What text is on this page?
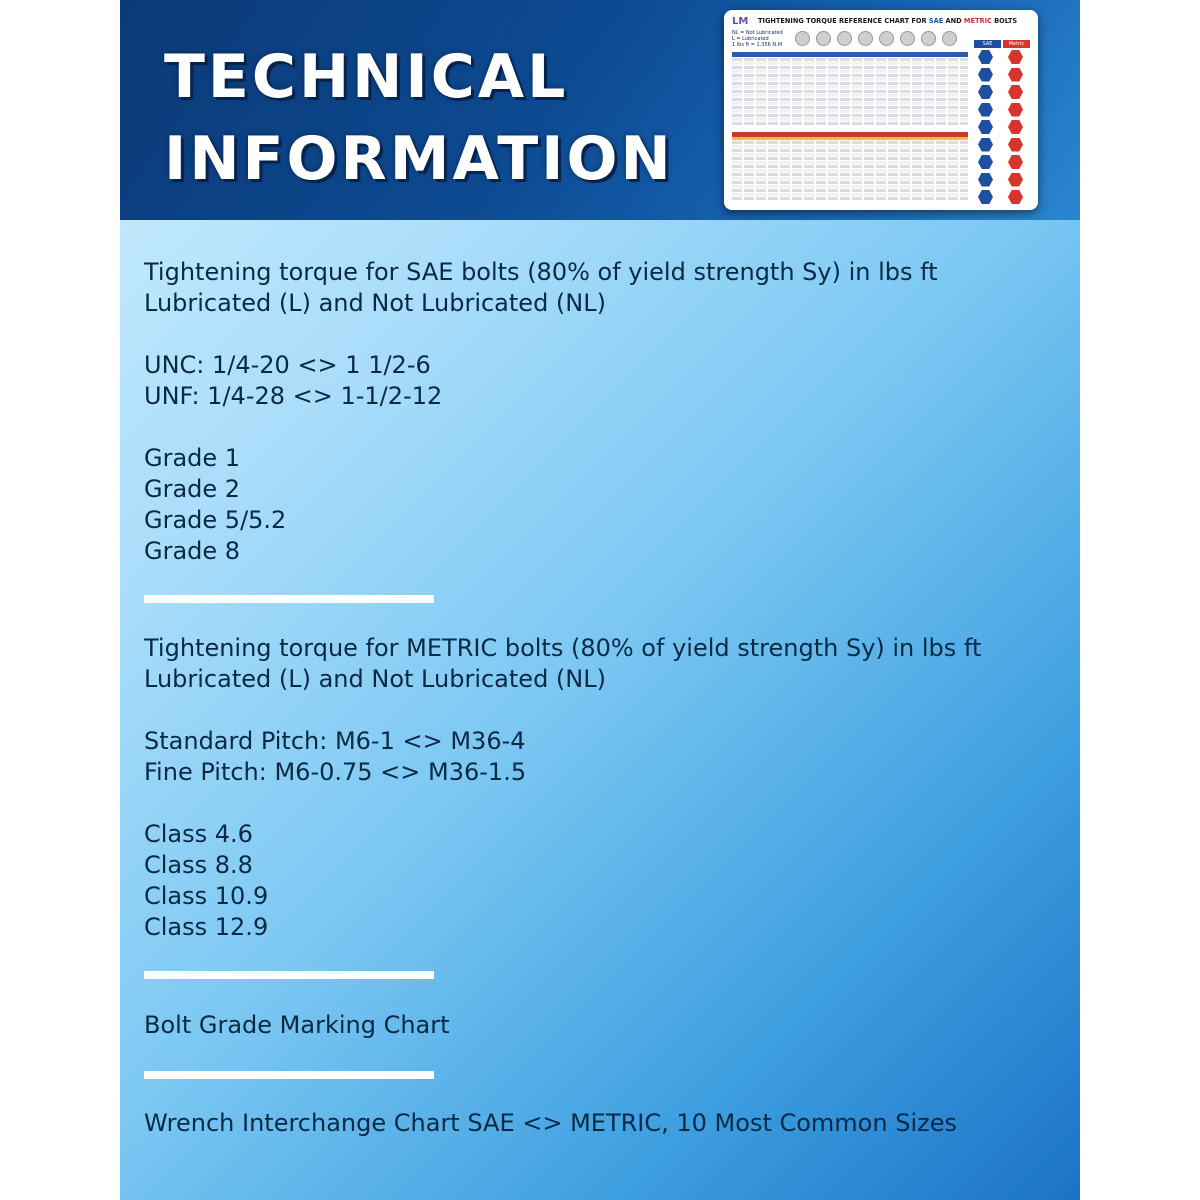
TECHNICAL
INFORMATION
LM	TIGHTENING TORQUE REFERENCE CHART FOR SAE AND METRIC BOLTS
NL = Not Lubricated
L = Lubricated
1 lbs ft = 1.356 N.M	SAE	Metric

Tightening torque for SAE bolts (80% of yield strength Sy) in lbs ft
Lubricated (L) and Not Lubricated (NL)

UNC: 1/4-20 <> 1 1/2-6
UNF: 1/4-28 <> 1-1/2-12

Grade 1
Grade 2
Grade 5/5.2
Grade 8

Tightening torque for METRIC bolts (80% of yield strength Sy) in lbs ft
Lubricated (L) and Not Lubricated (NL)

Standard Pitch: M6-1 <> M36-4
Fine Pitch: M6-0.75 <> M36-1.5

Class 4.6
Class 8.8
Class 10.9
Class 12.9

Bolt Grade Marking Chart

Wrench Interchange Chart SAE <> METRIC, 10 Most Common Sizes
